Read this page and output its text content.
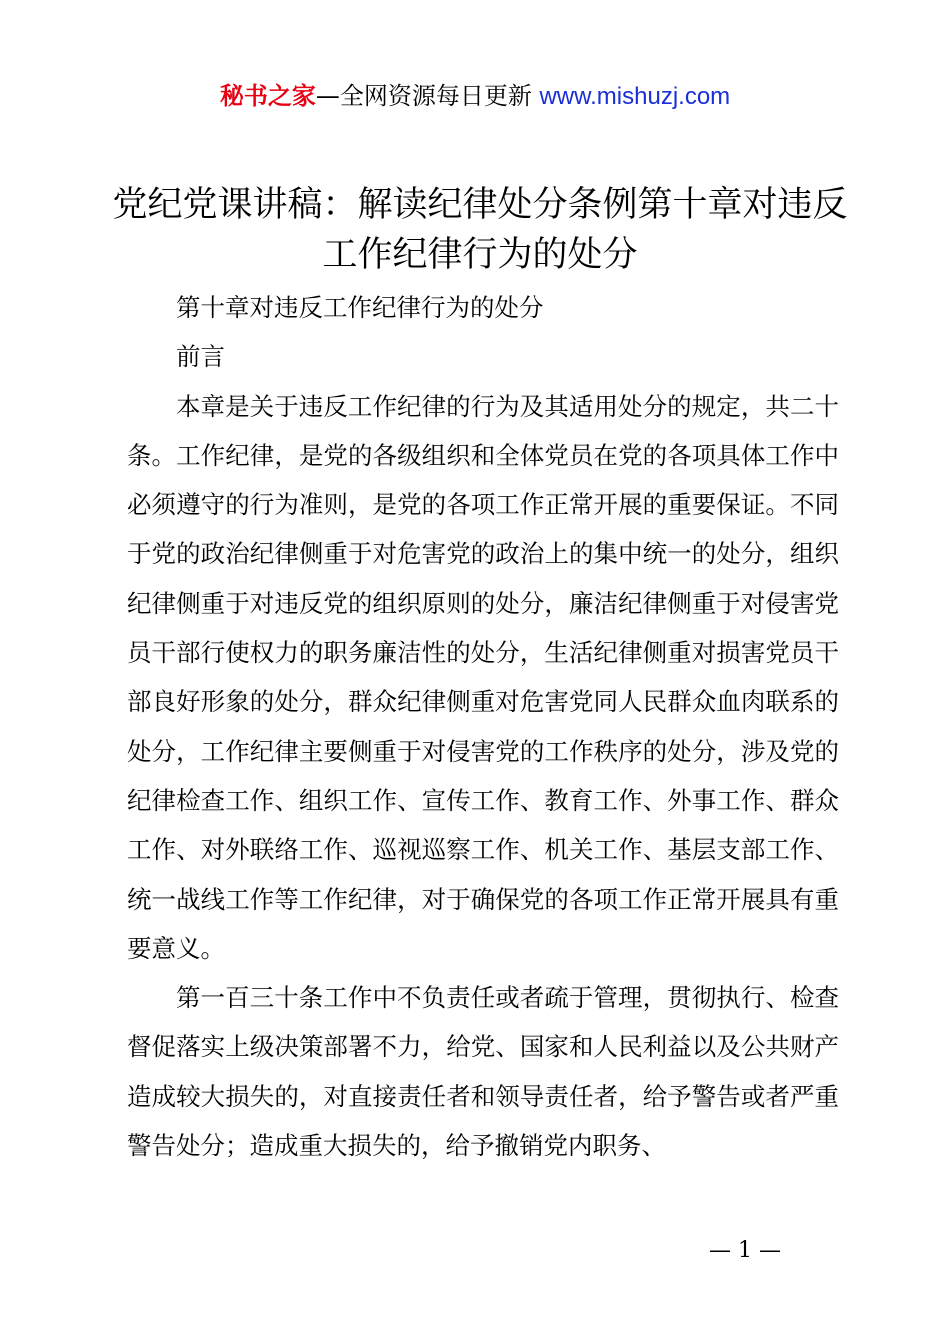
秘书之家—全网资源每日更新 www.mishuzj.com
党纪党课讲稿：解读纪律处分条例第十章对违反工作纪律行为的处分

第十章对违反工作纪律行为的处分

前言

本章是关于违反工作纪律的行为及其适用处分的规定，共二十条。工作纪律，是党的各级组织和全体党员在党的各项具体工作中必须遵守的行为准则，是党的各项工作正常开展的重要保证。不同于党的政治纪律侧重于对危害党的政治上的集中统一的处分，组织纪律侧重于对违反党的组织原则的处分，廉洁纪律侧重于对侵害党员干部行使权力的职务廉洁性的处分，生活纪律侧重对损害党员干部良好形象的处分，群众纪律侧重对危害党同人民群众血肉联系的处分，工作纪律主要侧重于对侵害党的工作秩序的处分，涉及党的纪律检查工作、组织工作、宣传工作、教育工作、外事工作、群众工作、对外联络工作、巡视巡察工作、机关工作、基层支部工作、统一战线工作等工作纪律，对于确保党的各项工作正常开展具有重要意义。

第一百三十条工作中不负责任或者疏于管理，贯彻执行、检查督促落实上级决策部署不力，给党、国家和人民利益以及公共财产造成较大损失的，对直接责任者和领导责任者，给予警告或者严重警告处分；造成重大损失的，给予撤销党内职务、

— 1 —
